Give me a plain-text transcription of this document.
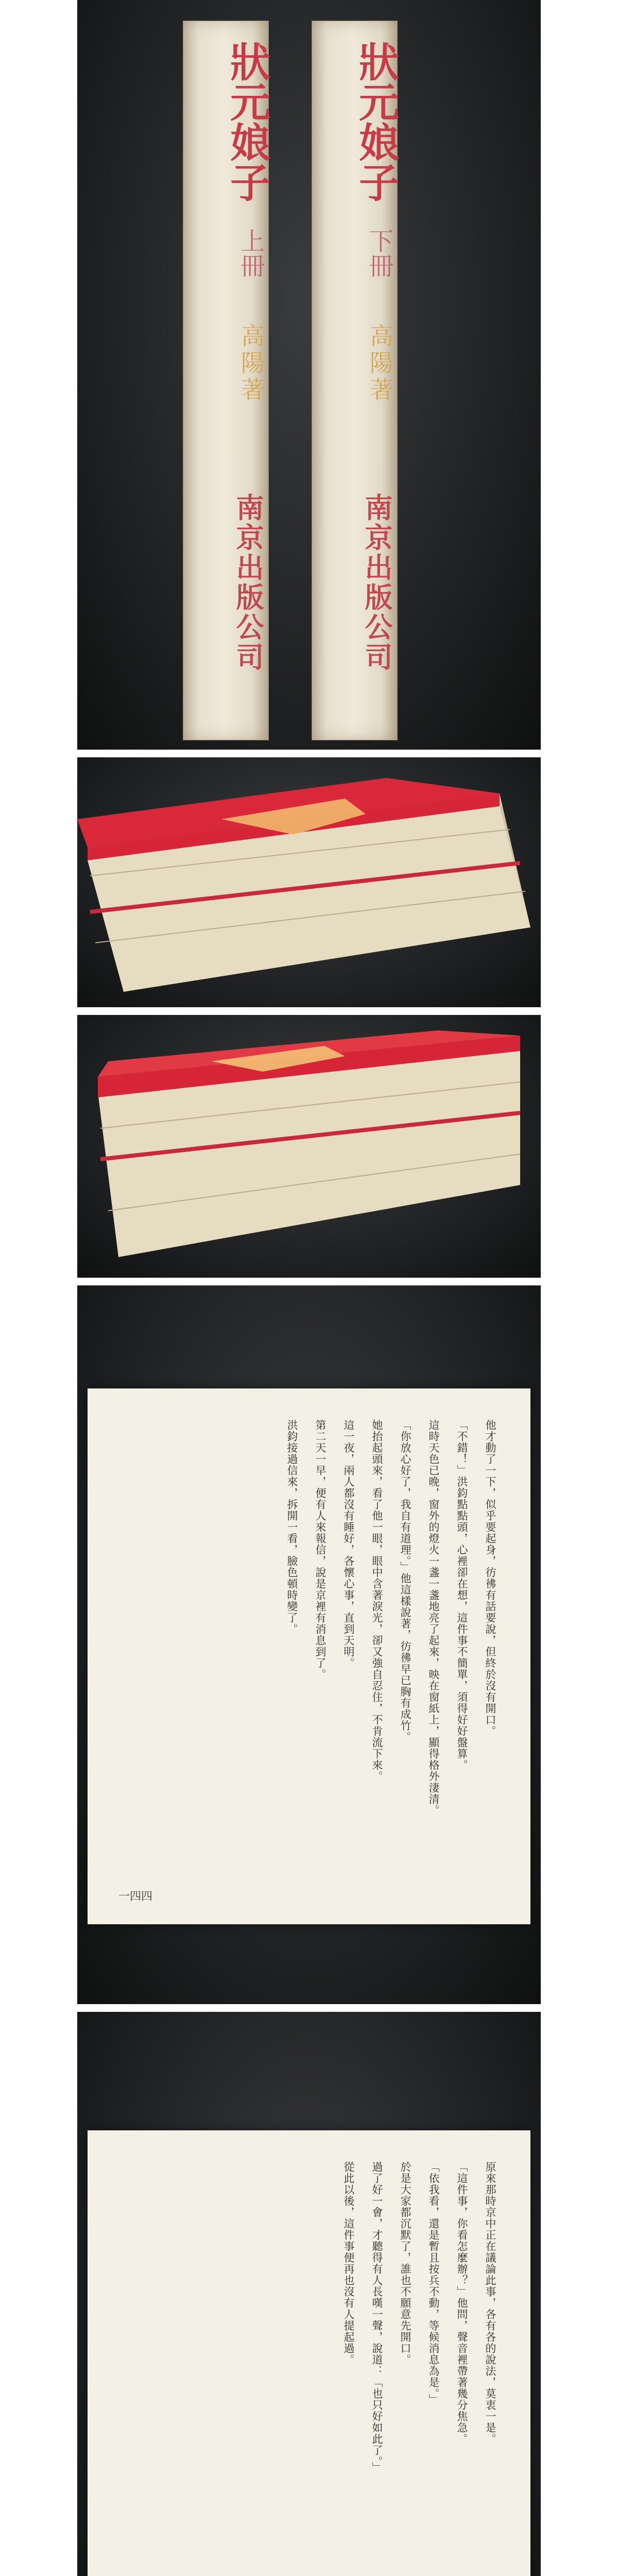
狀元娘子
上冊
高陽著
南京出版公司
狀元娘子
下冊
高陽著
南京出版公司

他才動了一下，似乎要起身，彷彿有話要說，但終於沒有開口。

「不錯！」洪鈞點點頭，心裡卻在想，這件事不簡單，須得好好盤算。

這時天色已晚，窗外的燈火一盞一盞地亮了起來，映在窗紙上，顯得格外淒清。

「你放心好了，我自有道理。」他這樣說著，彷彿早已胸有成竹。

她抬起頭來，看了他一眼，眼中含著淚光，卻又強自忍住，不肯流下來。

這一夜，兩人都沒有睡好，各懷心事，直到天明。

第二天一早，便有人來報信，說是京裡有消息到了。

洪鈞接過信來，拆開一看，臉色頓時變了。

一四四

原來那時京中正在議論此事，各有各的說法，莫衷一是。

「這件事，你看怎麼辦？」他問，聲音裡帶著幾分焦急。

「依我看，還是暫且按兵不動，等候消息為是。」

於是大家都沉默了，誰也不願意先開口。

過了好一會，才聽得有人長嘆一聲，說道：「也只好如此了。」

從此以後，這件事便再也沒有人提起過。
